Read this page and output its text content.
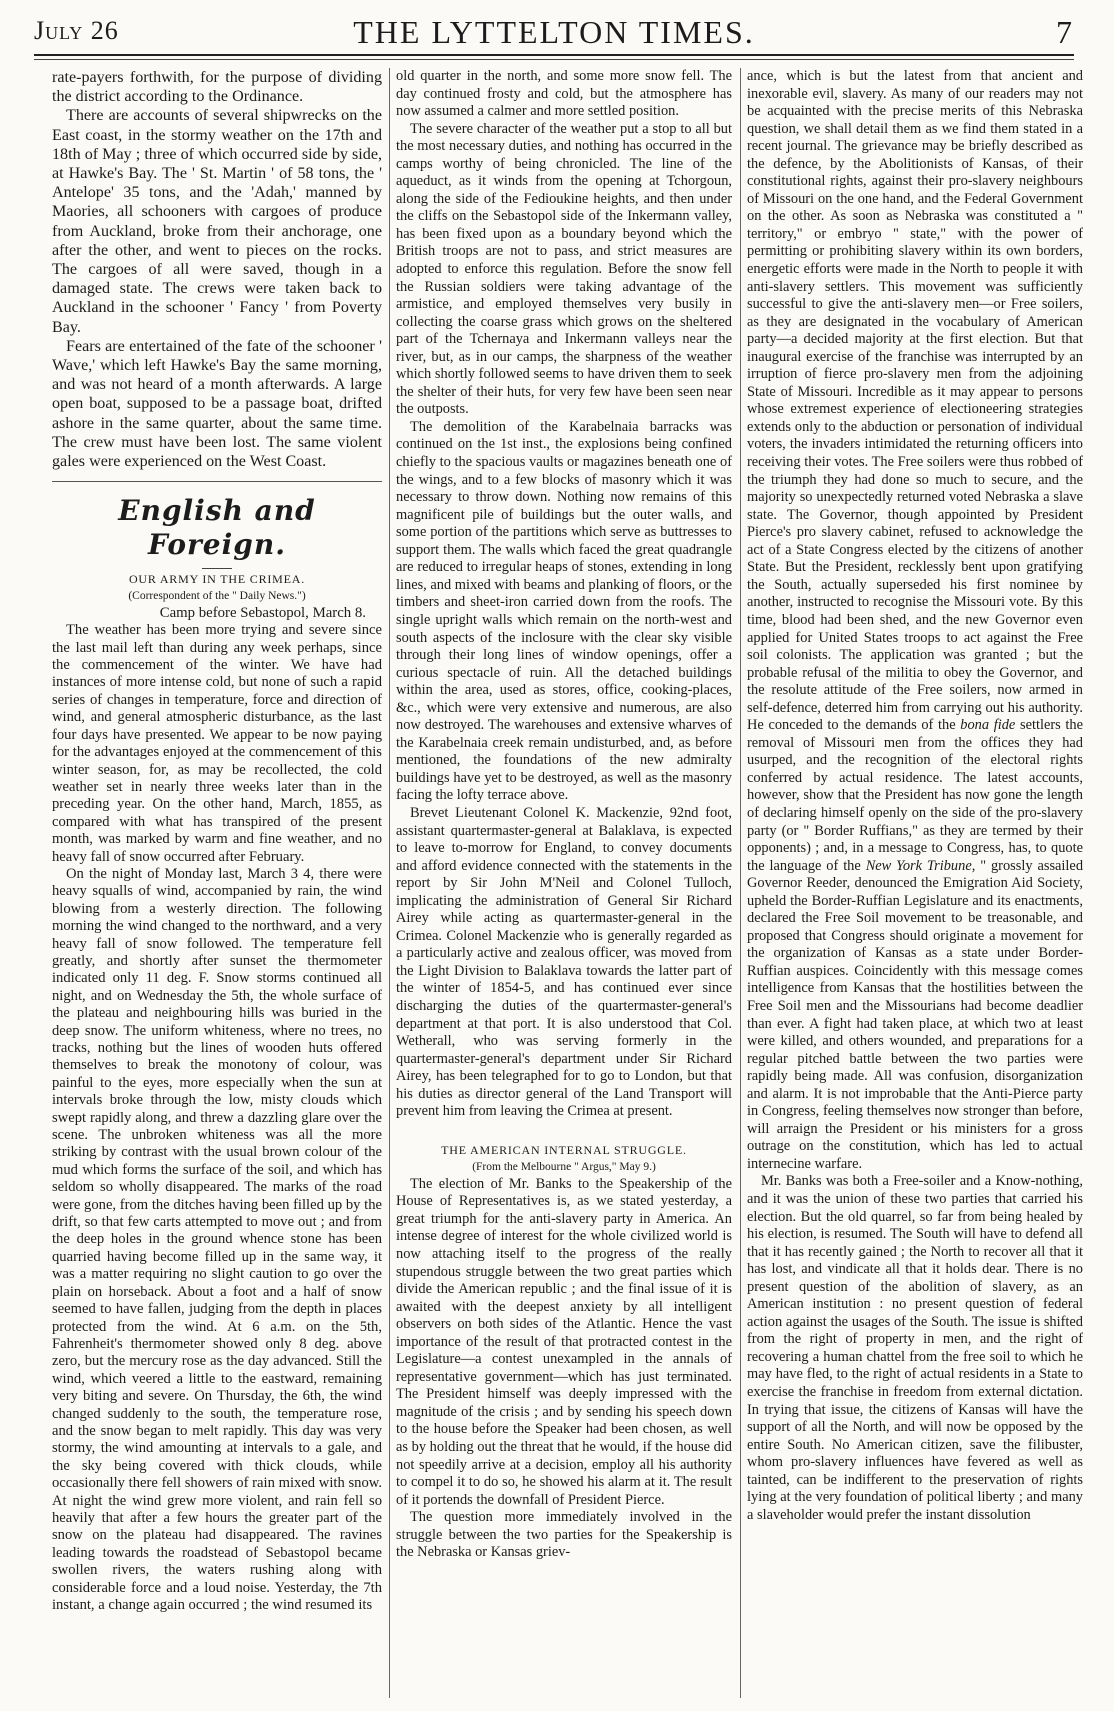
July 26	THE LYTTELTON TIMES.	7

rate-payers forthwith, for the purpose of dividing the district according to the Ordinance.

There are accounts of several shipwrecks on the East coast, in the stormy weather on the 17th and 18th of May ; three of which occurred side by side, at Hawke's Bay. The ' St. Martin ' of 58 tons, the ' Antelope' 35 tons, and the 'Adah,' manned by Maories, all schooners with cargoes of produce from Auckland, broke from their anchorage, one after the other, and went to pieces on the rocks. The cargoes of all were saved, though in a damaged state. The crews were taken back to Auckland in the schooner ' Fancy ' from Poverty Bay.

Fears are entertained of the fate of the schooner ' Wave,' which left Hawke's Bay the same morning, and was not heard of a month afterwards. A large open boat, supposed to be a passage boat, drifted ashore in the same quarter, about the same time. The crew must have been lost. The same violent gales were experienced on the West Coast.

English and Foreign.
OUR ARMY IN THE CRIMEA.
(Correspondent of the " Daily News.")
Camp before Sebastopol, March 8.

The weather has been more trying and severe since the last mail left than during any week perhaps, since the commencement of the winter. We have had instances of more intense cold, but none of such a rapid series of changes in temperature, force and direction of wind, and general atmospheric disturbance, as the last four days have presented. We appear to be now paying for the advantages enjoyed at the commencement of this winter season, for, as may be recollected, the cold weather set in nearly three weeks later than in the preceding year. On the other hand, March, 1855, as compared with what has transpired of the present month, was marked by warm and fine weather, and no heavy fall of snow occurred after February.

On the night of Monday last, March 3 4, there were heavy squalls of wind, accompanied by rain, the wind blowing from a westerly direction. The following morning the wind changed to the northward, and a very heavy fall of snow followed. The temperature fell greatly, and shortly after sunset the thermometer indicated only 11 deg. F. Snow storms continued all night, and on Wednesday the 5th, the whole surface of the plateau and neighbouring hills was buried in the deep snow. The uniform whiteness, where no trees, no tracks, nothing but the lines of wooden huts offered themselves to break the monotony of colour, was painful to the eyes, more especially when the sun at intervals broke through the low, misty clouds which swept rapidly along, and threw a dazzling glare over the scene. The unbroken whiteness was all the more striking by contrast with the usual brown colour of the mud which forms the surface of the soil, and which has seldom so wholly disappeared. The marks of the road were gone, from the ditches having been filled up by the drift, so that few carts attempted to move out ; and from the deep holes in the ground whence stone has been quarried having become filled up in the same way, it was a matter requiring no slight caution to go over the plain on horseback. About a foot and a half of snow seemed to have fallen, judging from the depth in places protected from the wind. At 6 a.m. on the 5th, Fahrenheit's thermometer showed only 8 deg. above zero, but the mercury rose as the day advanced. Still the wind, which veered a little to the eastward, remaining very biting and severe. On Thursday, the 6th, the wind changed suddenly to the south, the temperature rose, and the snow began to melt rapidly. This day was very stormy, the wind amounting at intervals to a gale, and the sky being covered with thick clouds, while occasionally there fell showers of rain mixed with snow. At night the wind grew more violent, and rain fell so heavily that after a few hours the greater part of the snow on the plateau had disappeared. The ravines leading towards the roadstead of Sebastopol became swollen rivers, the waters rushing along with considerable force and a loud noise. Yesterday, the 7th instant, a change again occurred ; the wind resumed its

old quarter in the north, and some more snow fell. The day continued frosty and cold, but the atmosphere has now assumed a calmer and more settled position.

The severe character of the weather put a stop to all but the most necessary duties, and nothing has occurred in the camps worthy of being chronicled. The line of the aqueduct, as it winds from the opening at Tchorgoun, along the side of the Fedioukine heights, and then under the cliffs on the Sebastopol side of the Inkermann valley, has been fixed upon as a boundary beyond which the British troops are not to pass, and strict measures are adopted to enforce this regulation. Before the snow fell the Russian soldiers were taking advantage of the armistice, and employed themselves very busily in collecting the coarse grass which grows on the sheltered part of the Tchernaya and Inkermann valleys near the river, but, as in our camps, the sharpness of the weather which shortly followed seems to have driven them to seek the shelter of their huts, for very few have been seen near the outposts.

The demolition of the Karabelnaia barracks was continued on the 1st inst., the explosions being confined chiefly to the spacious vaults or magazines beneath one of the wings, and to a few blocks of masonry which it was necessary to throw down. Nothing now remains of this magnificent pile of buildings but the outer walls, and some portion of the partitions which serve as buttresses to support them. The walls which faced the great quadrangle are reduced to irregular heaps of stones, extending in long lines, and mixed with beams and planking of floors, or the timbers and sheet-iron carried down from the roofs. The single upright walls which remain on the north-west and south aspects of the inclosure with the clear sky visible through their long lines of window openings, offer a curious spectacle of ruin. All the detached buildings within the area, used as stores, office, cooking-places, &c., which were very extensive and numerous, are also now destroyed. The warehouses and extensive wharves of the Karabelnaia creek remain undisturbed, and, as before mentioned, the foundations of the new admiralty buildings have yet to be destroyed, as well as the masonry facing the lofty terrace above.

Brevet Lieutenant Colonel K. Mackenzie, 92nd foot, assistant quartermaster-general at Balaklava, is expected to leave to-morrow for England, to convey documents and afford evidence connected with the statements in the report by Sir John M'Neil and Colonel Tulloch, implicating the administration of General Sir Richard Airey while acting as quartermaster-general in the Crimea. Colonel Mackenzie who is generally regarded as a particularly active and zealous officer, was moved from the Light Division to Balaklava towards the latter part of the winter of 1854-5, and has continued ever since discharging the duties of the quartermaster-general's department at that port. It is also understood that Col. Wetherall, who was serving formerly in the quartermaster-general's department under Sir Richard Airey, has been telegraphed for to go to London, but that his duties as director general of the Land Transport will prevent him from leaving the Crimea at present.

THE AMERICAN INTERNAL STRUGGLE.
(From the Melbourne " Argus," May 9.)

The election of Mr. Banks to the Speakership of the House of Representatives is, as we stated yesterday, a great triumph for the anti-slavery party in America. An intense degree of interest for the whole civilized world is now attaching itself to the progress of the really stupendous struggle between the two great parties which divide the American republic ; and the final issue of it is awaited with the deepest anxiety by all intelligent observers on both sides of the Atlantic. Hence the vast importance of the result of that protracted contest in the Legislature—a contest unexampled in the annals of representative government—which has just terminated. The President himself was deeply impressed with the magnitude of the crisis ; and by sending his speech down to the house before the Speaker had been chosen, as well as by holding out the threat that he would, if the house did not speedily arrive at a decision, employ all his authority to compel it to do so, he showed his alarm at it. The result of it portends the downfall of President Pierce.

The question more immediately involved in the struggle between the two parties for the Speakership is the Nebraska or Kansas griev-

ance, which is but the latest from that ancient and inexorable evil, slavery. As many of our readers may not be acquainted with the precise merits of this Nebraska question, we shall detail them as we find them stated in a recent journal. The grievance may be briefly described as the defence, by the Abolitionists of Kansas, of their constitutional rights, against their pro-slavery neighbours of Missouri on the one hand, and the Federal Government on the other. As soon as Nebraska was constituted a " territory," or embryo " state," with the power of permitting or prohibiting slavery within its own borders, energetic efforts were made in the North to people it with anti-slavery settlers. This movement was sufficiently successful to give the anti-slavery men—or Free soilers, as they are designated in the vocabulary of American party—a decided majority at the first election. But that inaugural exercise of the franchise was interrupted by an irruption of fierce pro-slavery men from the adjoining State of Missouri. Incredible as it may appear to persons whose extremest experience of electioneering strategies extends only to the abduction or personation of individual voters, the invaders intimidated the returning officers into receiving their votes. The Free soilers were thus robbed of the triumph they had done so much to secure, and the majority so unexpectedly returned voted Nebraska a slave state. The Governor, though appointed by President Pierce's pro slavery cabinet, refused to acknowledge the act of a State Congress elected by the citizens of another State. But the President, recklessly bent upon gratifying the South, actually superseded his first nominee by another, instructed to recognise the Missouri vote. By this time, blood had been shed, and the new Governor even applied for United States troops to act against the Free soil colonists. The application was granted ; but the probable refusal of the militia to obey the Governor, and the resolute attitude of the Free soilers, now armed in self-defence, deterred him from carrying out his authority. He conceded to the demands of the bona fide settlers the removal of Missouri men from the offices they had usurped, and the recognition of the electoral rights conferred by actual residence. The latest accounts, however, show that the President has now gone the length of declaring himself openly on the side of the pro-slavery party (or " Border Ruffians," as they are termed by their opponents) ; and, in a message to Congress, has, to quote the language of the New York Tribune, " grossly assailed Governor Reeder, denounced the Emigration Aid Society, upheld the Border-Ruffian Legislature and its enactments, declared the Free Soil movement to be treasonable, and proposed that Congress should originate a movement for the organization of Kansas as a state under Border-Ruffian auspices. Coincidently with this message comes intelligence from Kansas that the hostilities between the Free Soil men and the Missourians had become deadlier than ever. A fight had taken place, at which two at least were killed, and others wounded, and preparations for a regular pitched battle between the two parties were rapidly being made. All was confusion, disorganization and alarm. It is not improbable that the Anti-Pierce party in Congress, feeling themselves now stronger than before, will arraign the President or his ministers for a gross outrage on the constitution, which has led to actual internecine warfare.

Mr. Banks was both a Free-soiler and a Know-nothing, and it was the union of these two parties that carried his election. But the old quarrel, so far from being healed by his election, is resumed. The South will have to defend all that it has recently gained ; the North to recover all that it has lost, and vindicate all that it holds dear. There is no present question of the abolition of slavery, as an American institution : no present question of federal action against the usages of the South. The issue is shifted from the right of property in men, and the right of recovering a human chattel from the free soil to which he may have fled, to the right of actual residents in a State to exercise the franchise in freedom from external dictation. In trying that issue, the citizens of Kansas will have the support of all the North, and will now be opposed by the entire South. No American citizen, save the filibuster, whom pro-slavery influences have fevered as well as tainted, can be indifferent to the preservation of rights lying at the very foundation of political liberty ; and many a slaveholder would prefer the instant dissolution
